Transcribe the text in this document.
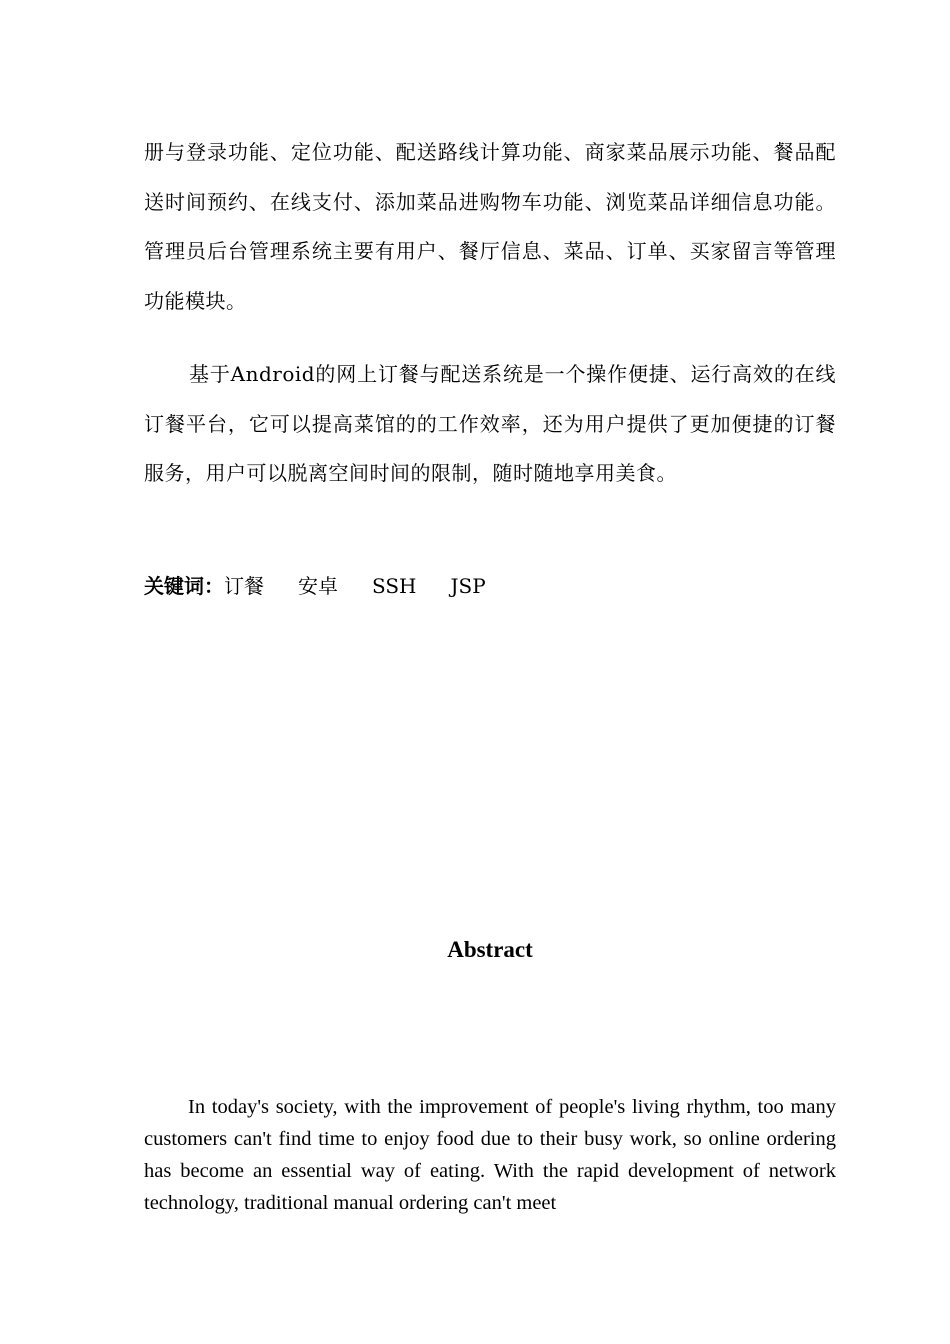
册与登录功能、定位功能、配送路线计算功能、商家菜品展示功能、餐品配送时间预约、在线支付、添加菜品进购物车功能、浏览菜品详细信息功能。管理员后台管理系统主要有用户、餐厅信息、菜品、订单、买家留言等管理功能模块。

基于Android的网上订餐与配送系统是一个操作便捷、运行高效的在线订餐平台，它可以提高菜馆的的工作效率，还为用户提供了更加便捷的订餐服务，用户可以脱离空间时间的限制，随时随地享用美食。

关键词：订餐 安卓 SSH JSP

Abstract

In today's society, with the improvement of people's living rhythm, too many customers can't find time to enjoy food due to their busy work, so online ordering has become an essential way of eating. With the rapid development of network technology, traditional manual ordering can't meet
